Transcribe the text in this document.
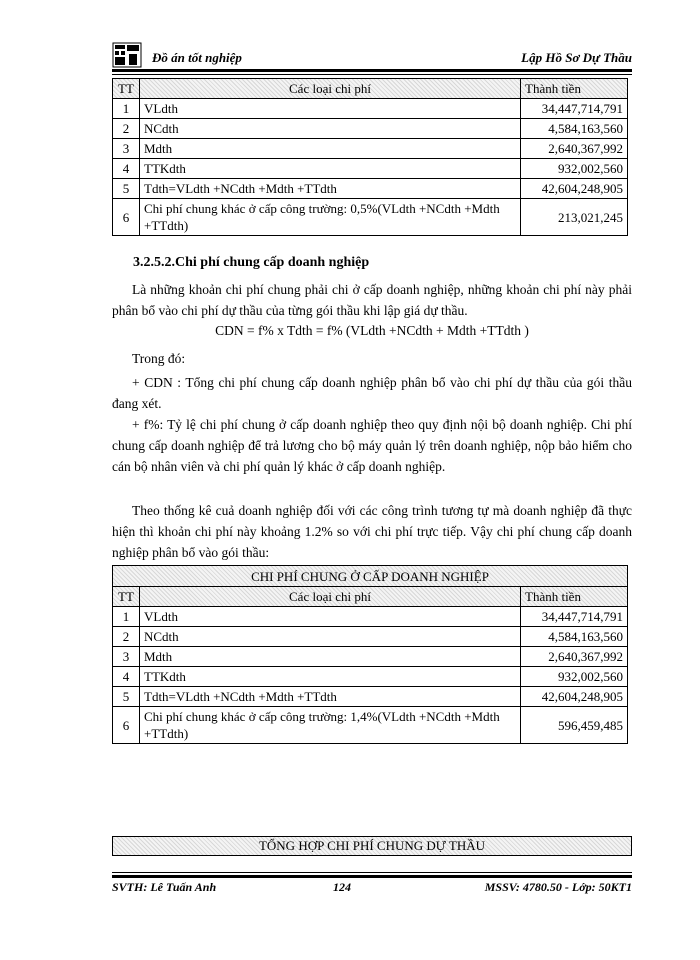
Đồ án tốt nghiệp	Lập Hồ Sơ Dự Thầu
TT	Các loại chi phí	Thành tiền
1	VLdth	34,447,714,791
2	NCdth	4,584,163,560
3	Mdth	2,640,367,992
4	TTKdth	932,002,560
5	Tdth=VLdth +NCdth +Mdth +TTdth	42,604,248,905
6	Chi phí chung khác ở cấp công trường: 0,5%(VLdth +NCdth +Mdth +TTdth)	213,021,245
3.2.5.2.Chi phí chung cấp doanh nghiệp
Là những khoản chi phí chung phải chi ở cấp doanh nghiệp, những khoản chi phí này phải phân bổ vào chi phí dự thầu của từng gói thầu khi lập giá dự thầu.
CDN = f% x Tdth = f% (VLdth +NCdth + Mdth +TTdth )
Trong đó:
+ CDN : Tổng chi phí chung cấp doanh nghiệp phân bổ vào chi phí dự thầu của gói thầu đang xét.
+ f%: Tỷ lệ chi phí chung ở cấp doanh nghiệp theo quy định nội bộ doanh nghiệp. Chi phí chung cấp doanh nghiệp để trả lương cho bộ máy quản lý trên doanh nghiệp, nộp bảo hiểm cho cán bộ nhân viên và chi phí quản lý khác ở cấp doanh nghiệp.
Theo thống kê cuả doanh nghiệp đối với các công trình tương tự mà doanh nghiệp đã thực hiện thì khoản chi phí này khoảng 1.2% so với chi phí trực tiếp. Vậy chi phí chung cấp doanh nghiệp phân bổ vào gói thầu:
CHI PHÍ CHUNG Ở CẤP DOANH NGHIỆP		
TT	Các loại chi phí	Thành tiền
1	VLdth	34,447,714,791
2	NCdth	4,584,163,560
3	Mdth	2,640,367,992
4	TTKdth	932,002,560
5	Tdth=VLdth +NCdth +Mdth +TTdth	42,604,248,905
6	Chi phí chung khác ở cấp công trường: 1,4%(VLdth +NCdth +Mdth +TTdth)	596,459,485
TỔNG HỢP CHI PHÍ CHUNG DỰ THẦU
SVTH: Lê Tuấn Anh	124	MSSV: 4780.50 - Lớp: 50KT1
